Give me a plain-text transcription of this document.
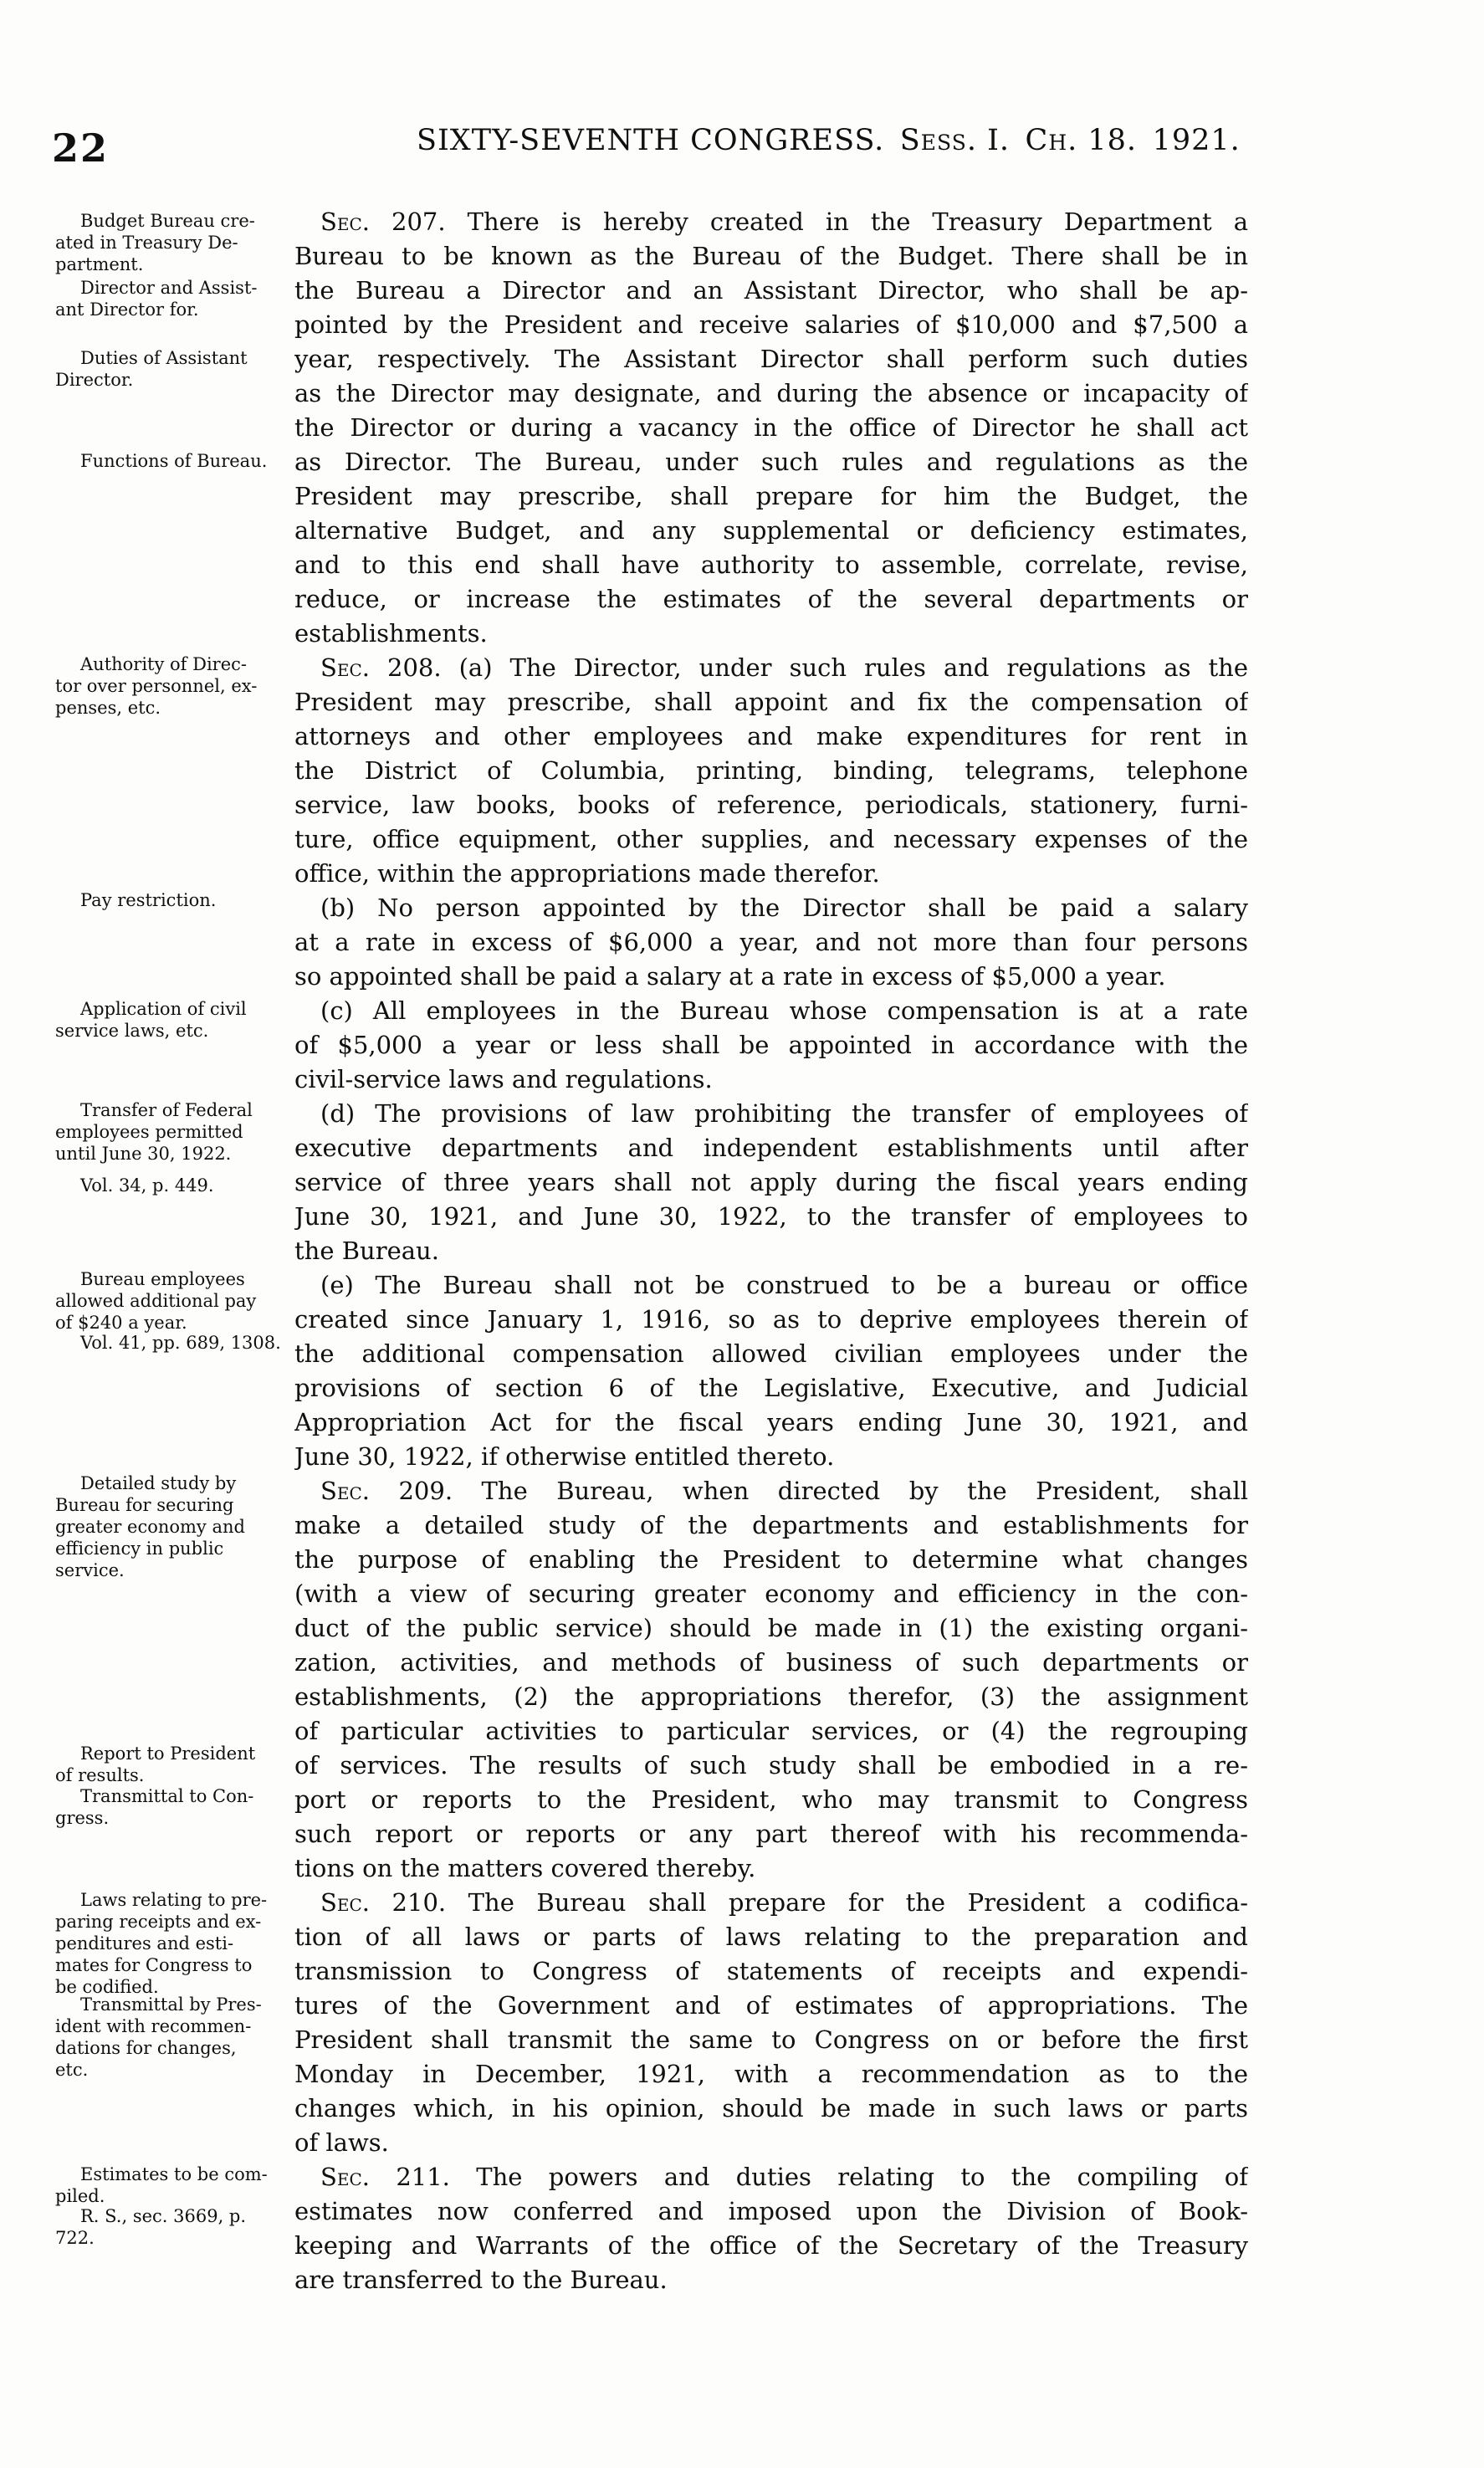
22	SIXTY-SEVENTH CONGRESS. Sess. I. Ch. 18. 1921.
Budget Bureau cre-
ated in Treasury De-
partment.
Director and Assist-
ant Director for.
Duties of Assistant
Director.
Functions of Bureau.
Authority of Direc-
tor over personnel, ex-
penses, etc.
Pay restriction.
Application of civil
service laws, etc.
Transfer of Federal
employees permitted
until June 30, 1922.
Vol. 34, p. 449.
Bureau employees
allowed additional pay
of $240 a year.
Vol. 41, pp. 689, 1308.
Detailed study by
Bureau for securing
greater economy and
efficiency in public
service.
Report to President
of results.
Transmittal to Con-
gress.
Laws relating to pre-
paring receipts and ex-
penditures and esti-
mates for Congress to
be codified.
Transmittal by Pres-
ident with recommen-
dations for changes,
etc.
Estimates to be com-
piled.
R. S., sec. 3669, p.
722.
Sec. 207. There is hereby created in the Treasury Department a
Bureau to be known as the Bureau of the Budget. There shall be in
the Bureau a Director and an Assistant Director, who shall be ap-
pointed by the President and receive salaries of $10,000 and $7,500 a
year, respectively. The Assistant Director shall perform such duties
as the Director may designate, and during the absence or incapacity of
the Director or during a vacancy in the office of Director he shall act
as Director. The Bureau, under such rules and regulations as the
President may prescribe, shall prepare for him the Budget, the
alternative Budget, and any supplemental or deficiency estimates,
and to this end shall have authority to assemble, correlate, revise,
reduce, or increase the estimates of the several departments or
establishments.
Sec. 208. (a) The Director, under such rules and regulations as the
President may prescribe, shall appoint and fix the compensation of
attorneys and other employees and make expenditures for rent in
the District of Columbia, printing, binding, telegrams, telephone
service, law books, books of reference, periodicals, stationery, furni-
ture, office equipment, other supplies, and necessary expenses of the
office, within the appropriations made therefor.
(b) No person appointed by the Director shall be paid a salary
at a rate in excess of $6,000 a year, and not more than four persons
so appointed shall be paid a salary at a rate in excess of $5,000 a year.
(c) All employees in the Bureau whose compensation is at a rate
of $5,000 a year or less shall be appointed in accordance with the
civil-service laws and regulations.
(d) The provisions of law prohibiting the transfer of employees of
executive departments and independent establishments until after
service of three years shall not apply during the fiscal years ending
June 30, 1921, and June 30, 1922, to the transfer of employees to
the Bureau.
(e) The Bureau shall not be construed to be a bureau or office
created since January 1, 1916, so as to deprive employees therein of
the additional compensation allowed civilian employees under the
provisions of section 6 of the Legislative, Executive, and Judicial
Appropriation Act for the fiscal years ending June 30, 1921, and
June 30, 1922, if otherwise entitled thereto.
Sec. 209. The Bureau, when directed by the President, shall
make a detailed study of the departments and establishments for
the purpose of enabling the President to determine what changes
(with a view of securing greater economy and efficiency in the con-
duct of the public service) should be made in (1) the existing organi-
zation, activities, and methods of business of such departments or
establishments, (2) the appropriations therefor, (3) the assignment
of particular activities to particular services, or (4) the regrouping
of services. The results of such study shall be embodied in a re-
port or reports to the President, who may transmit to Congress
such report or reports or any part thereof with his recommenda-
tions on the matters covered thereby.
Sec. 210. The Bureau shall prepare for the President a codifica-
tion of all laws or parts of laws relating to the preparation and
transmission to Congress of statements of receipts and expendi-
tures of the Government and of estimates of appropriations. The
President shall transmit the same to Congress on or before the first
Monday in December, 1921, with a recommendation as to the
changes which, in his opinion, should be made in such laws or parts
of laws.
Sec. 211. The powers and duties relating to the compiling of
estimates now conferred and imposed upon the Division of Book-
keeping and Warrants of the office of the Secretary of the Treasury
are transferred to the Bureau.
